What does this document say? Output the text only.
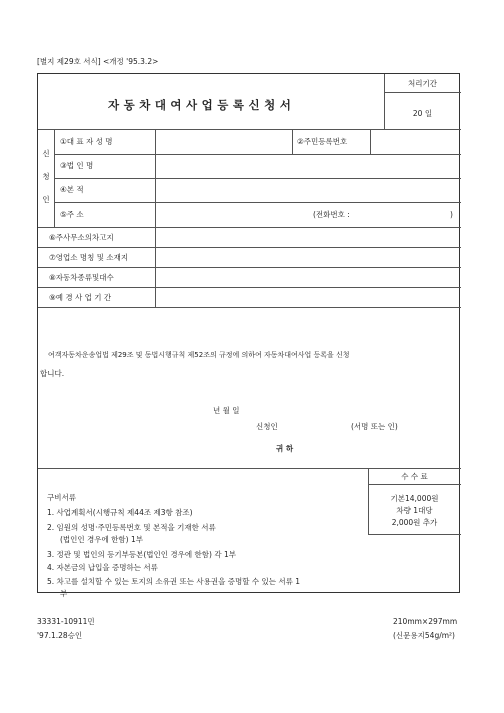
[별지 제29호 서식] <개정 '95.3.2>
자동차대여사업등록신청서
처리기간
20 일
신
청
인
①대 표 자 성 명	②주민등록번호
③법 인 명
④본 적
⑤주 소	(전화번호 :	)
⑥주사무소의차고지
⑦영업소 명칭 및 소재지
⑧자동차종류및대수
⑨예 경 사 업 기 간
여객자동차운송업법 제29조 및 동법시행규칙 제52조의 규정에 의하여 자동차대여사업 등록을 신청
합니다.
년 월 일
신청인	(서명 또는 인)
귀 하
수 수 료
기본14,000원
차량 1대당
2,000원 추가
구비서류
1. 사업계획서(시행규칙 제44조 제3항 참조)
2. 임원의 성명·주민등록번호 및 본적을 기재한 서류
(법인인 경우에 한함) 1부
3. 정관 및 법인의 등기부등본(법인인 경우에 한함) 각 1부
4. 자본금의 납입을 증명하는 서류
5. 차고를 설치할 수 있는 토지의 소유권 또는 사용권을 증명할 수 있는 서류 1
부
33331-10911민
'97.1.28승인
210mm×297mm
(신문용지54g/m²)
